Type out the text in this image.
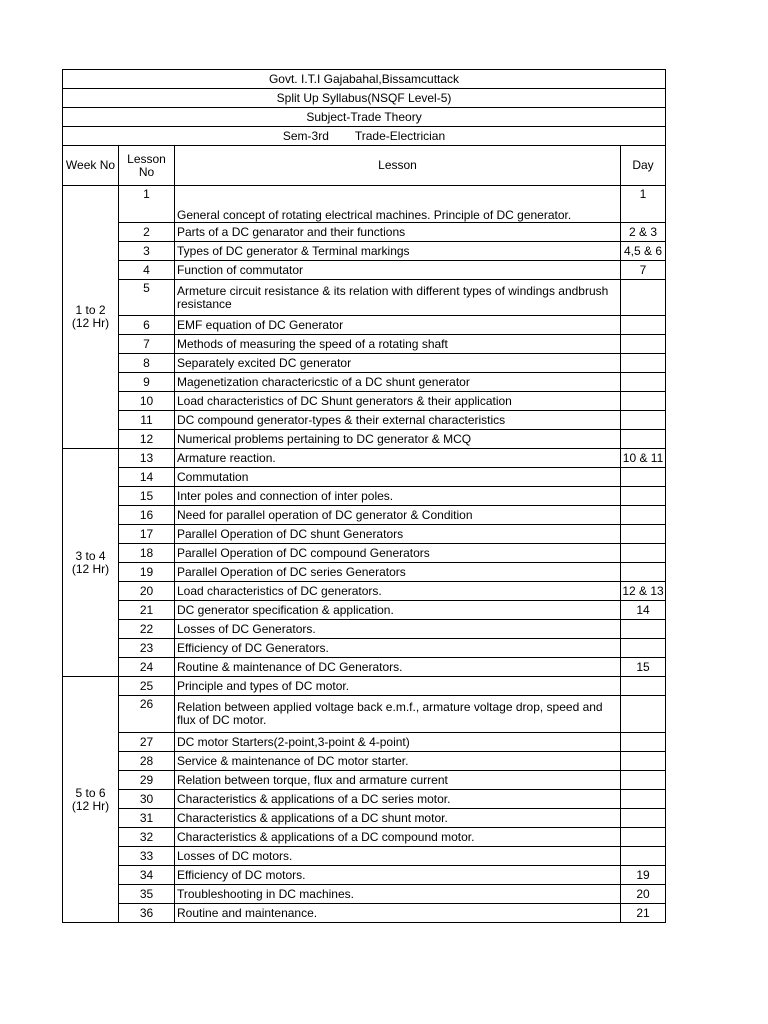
Govt. I.T.I Gajabahal,Bissamcuttack			
Split Up Syllabus(NSQF Level-5)			
Subject-Trade Theory			
Sem-3rd Trade-Electrician			
Week No	Lesson No	Lesson	Day

1 to 2
(12 Hr)	1	General concept of rotating electrical machines. Principle of DC generator.	1
	2	Parts of a DC genarator and their functions	2 & 3
	3	Types of DC generator & Terminal markings	4,5 & 6
	4	Function of commutator	7
	5	Armeture circuit resistance & its relation with different types of windings andbrush resistance	
	6	EMF equation of DC Generator	
	7	Methods of measuring the speed of a rotating shaft	
	8	Separately excited DC generator	
	9	Magenetization charactericstic of a DC shunt generator	
	10	Load characteristics of DC Shunt generators & their application	
	11	DC compound generator-types & their external characteristics	
	12	Numerical problems pertaining to DC generator & MCQ	

3 to 4
(12 Hr)	13	Armature reaction.	10 & 11
	14	Commutation	
	15	Inter poles and connection of inter poles.	
	16	Need for parallel operation of DC generator & Condition	
	17	Parallel Operation of DC shunt Generators	
	18	Parallel Operation of DC compound Generators	
	19	Parallel Operation of DC series Generators	
	20	Load characteristics of DC generators.	12 & 13
	21	DC generator specification & application.	14
	22	Losses of DC Generators.	
	23	Efficiency of DC Generators.	
	24	Routine & maintenance of DC Generators.	15

5 to 6
(12 Hr)	25	Principle and types of DC motor.	
	26	Relation between applied voltage back e.m.f., armature voltage drop, speed and flux of DC motor.	
	27	DC motor Starters(2-point,3-point & 4-point)	
	28	Service & maintenance of DC motor starter.	
	29	Relation between torque, flux and armature current	
	30	Characteristics & applications of a DC series motor.	
	31	Characteristics & applications of a DC shunt motor.	
	32	Characteristics & applications of a DC compound motor.	
	33	Losses of DC motors.	
	34	Efficiency of DC motors.	19
	35	Troubleshooting in DC machines.	20
	36	Routine and maintenance.	21
